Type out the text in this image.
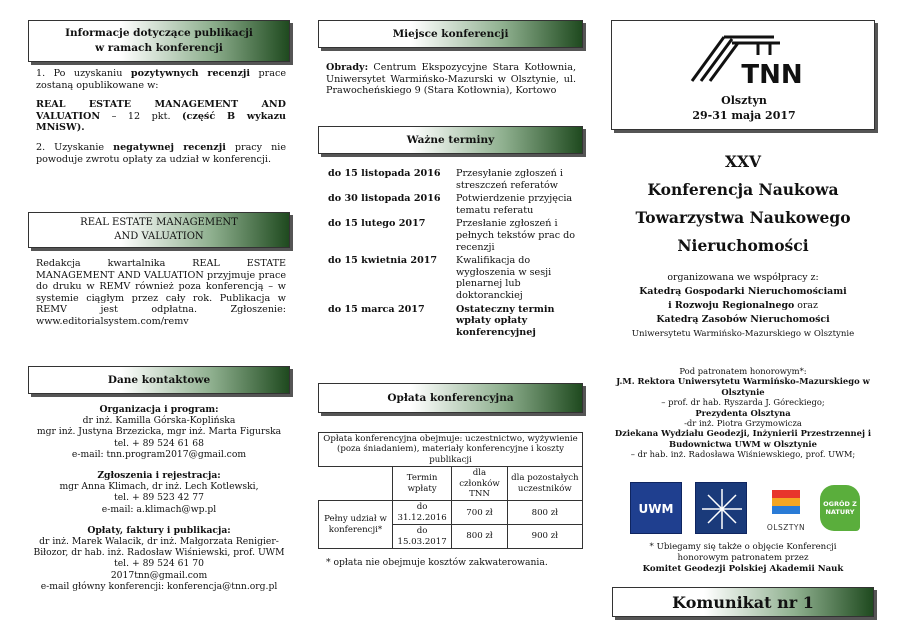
Informacje dotyczące publikacji
w ramach konferencji

1. Po uzyskaniu pozytywnych recenzji prace zostaną opublikowane w:

REAL ESTATE MANAGEMENT AND VALUATION – 12 pkt. (część B wykazu MNiSW).

2. Uzyskanie negatywnej recenzji pracy nie powoduje zwrotu opłaty za udział w konferencji.

REAL ESTATE MANAGEMENT
AND VALUATION
Redakcja kwartalnika REAL ESTATE MANAGEMENT AND VALUATION przyjmuje prace do druku w REMV również poza konferencją – w systemie ciągłym przez cały rok. Publikacja w REMV jest odpłatna. Zgłoszenie: www.editorialsystem.com/remv
Dane kontaktowe

Organizacja i program:

dr inż. Kamilla Górska-Koplińska

mgr inż. Justyna Brzezicka, mgr inż. Marta Figurska

tel. + 89 524 61 68

e-mail: tnn.program2017@gmail.com

Zgłoszenia i rejestracja:

mgr Anna Klimach, dr inż. Lech Kotlewski,

tel. + 89 523 42 77

e-mail: a.klimach@wp.pl

Opłaty, faktury i publikacja:

dr inż. Marek Walacik, dr inż. Małgorzata Renigier-Biłozor, dr hab. inż. Radosław Wiśniewski, prof. UWM

tel. + 89 524 61 70

2017tnn@gmail.com

e-mail główny konferencji: konferencja@tnn.org.pl

Miejsce konferencji
Obrady: Centrum Ekspozycyjne Stara Kotłownia, Uniwersytet Warmińsko-Mazurski w Olsztynie, ul. Prawocheńskiego 9 (Stara Kotłownia), Kortowo
Ważne terminy
do 15 listopada 2016	Przesyłanie zgłoszeń i streszczeń referatów
do 30 listopada 2016	Potwierdzenie przyjęcia tematu referatu
do 15 lutego 2017	Przesłanie zgłoszeń i pełnych tekstów prac do recenzji
do 15 kwietnia 2017	Kwalifikacja do wygłoszenia w sesji plenarnej lub doktoranckiej
do 15 marca 2017	Ostateczny termin wpłaty opłaty konferencyjnej
Opłata konferencyjna
Opłata konferencyjna obejmuje: uczestnictwo, wyżywienie (poza śniadaniem), materiały konferencyjne i koszty publikacji			
	Termin wpłaty	dla członków TNN	dla pozostałych uczestników
Pełny udział w konferencji*	do 31.12.2016	700 zł	800 zł
	do 15.03.2017	800 zł	900 zł
* opłata nie obejmuje kosztów zakwaterowania.
TNN
Olsztyn
29-31 maja 2017
XXV
Konferencja Naukowa
Towarzystwa Naukowego
Nieruchomości
organizowana we współpracy z:
Katedrą Gospodarki Nieruchomościami
i Rozwoju Regionalnego oraz
Katedrą Zasobów Nieruchomości
Uniwersytetu Warmińsko-Mazurskiego w Olsztynie
Pod patronatem honorowym*:
J.M. Rektora Uniwersytetu Warmińsko-Mazurskiego w Olsztynie
– prof. dr hab. Ryszarda J. Góreckiego;
Prezydenta Olsztyna
-dr inż. Piotra Grzymowicza
Dziekana Wydziału Geodezji, Inżynierii Przestrzennej i Budownictwa UWM w Olsztynie
– dr hab. inż. Radosława Wiśniewskiego, prof. UWM;
UWM
OLSZTYN
OGRÓD Z NATURY
* Ubiegamy się także o objęcie Konferencji
honorowym patronatem przez
Komitet Geodezji Polskiej Akademii Nauk
Komunikat nr 1
